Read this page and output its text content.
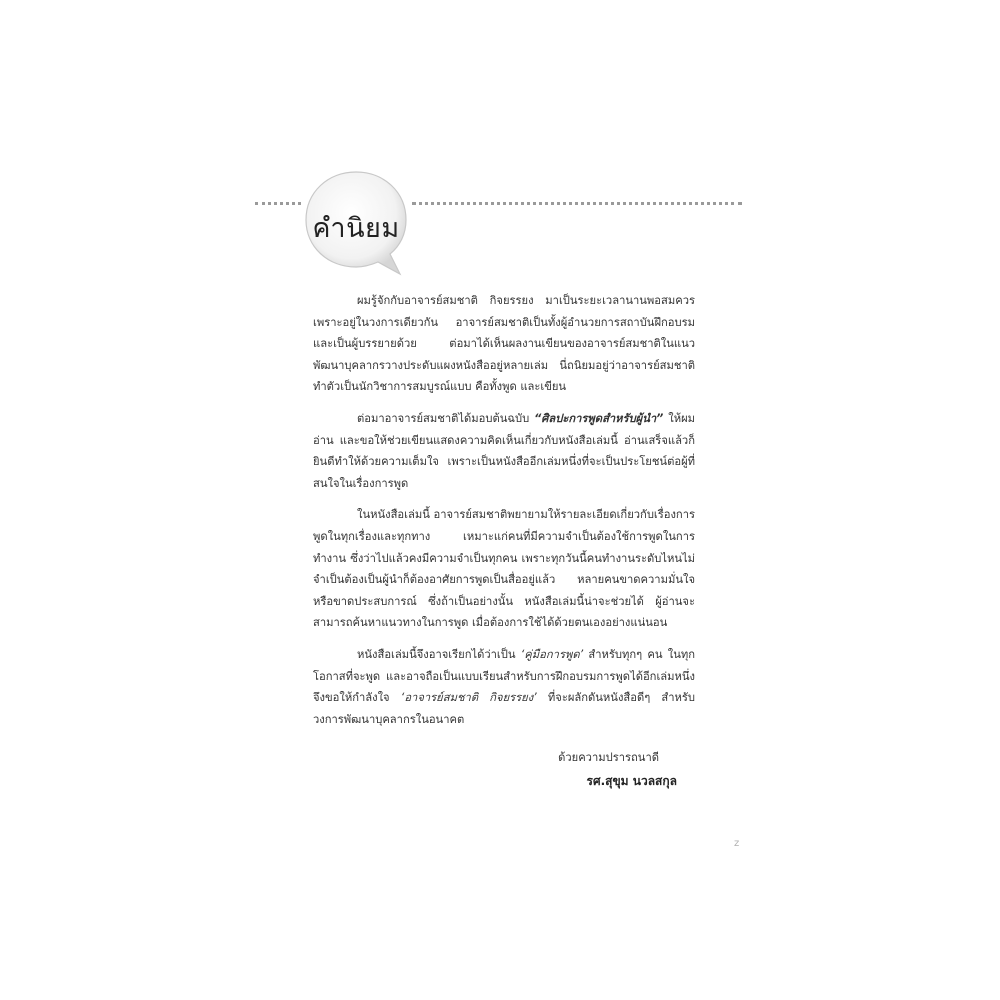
คำนิยม

ผมรู้จักกับอาจารย์สมชาติ กิจยรรยง มาเป็นระยะเวลานานพอสมควร เพราะอยู่ในวงการเดียวกัน อาจารย์สมชาติเป็นทั้งผู้อำนวยการสถาบันฝึกอบรม และเป็นผู้บรรยายด้วย ต่อมาได้เห็นผลงานเขียนของอาจารย์สมชาติในแนวพัฒนาบุคลากรวางประดับแผงหนังสืออยู่หลายเล่ม นี่ถนิยมอยู่ว่าอาจารย์สมชาติทำตัวเป็นนักวิชาการสมบูรณ์แบบ คือทั้งพูด และเขียน

ต่อมาอาจารย์สมชาติได้มอบต้นฉบับ “ศิลปะการพูดสำหรับผู้นำ” ให้ผมอ่าน และขอให้ช่วยเขียนแสดงความคิดเห็นเกี่ยวกับหนังสือเล่มนี้ อ่านเสร็จแล้วก็ยินดีทำให้ด้วยความเต็มใจ เพราะเป็นหนังสืออีกเล่มหนึ่งที่จะเป็นประโยชน์ต่อผู้ที่สนใจในเรื่องการพูด

ในหนังสือเล่มนี้ อาจารย์สมชาติพยายามให้รายละเอียดเกี่ยวกับเรื่องการพูดในทุกเรื่องและทุกทาง เหมาะแก่คนที่มีความจำเป็นต้องใช้การพูดในการทำงาน ซึ่งว่าไปแล้วคงมีความจำเป็นทุกคน เพราะทุกวันนี้คนทำงานระดับไหนไม่จำเป็นต้องเป็นผู้นำก็ต้องอาศัยการพูดเป็นสื่ออยู่แล้ว หลายคนขาดความมั่นใจหรือขาดประสบการณ์ ซึ่งถ้าเป็นอย่างนั้น หนังสือเล่มนี้น่าจะช่วยได้ ผู้อ่านจะสามารถค้นหาแนวทางในการพูด เมื่อต้องการใช้ได้ด้วยตนเองอย่างแน่นอน

หนังสือเล่มนี้จึงอาจเรียกได้ว่าเป็น ‘คู่มือการพูด’ สำหรับทุกๆ คน ในทุกโอกาสที่จะพูด และอาจถือเป็นแบบเรียนสำหรับการฝึกอบรมการพูดได้อีกเล่มหนึ่ง จึงขอให้กำลังใจ ‘อาจารย์สมชาติ กิจยรรยง’ ที่จะผลักดันหนังสือดีๆ สำหรับวงการพัฒนาบุคลากรในอนาคต

ด้วยความปรารถนาดี
รศ.สุขุม นวลสกุล
z
